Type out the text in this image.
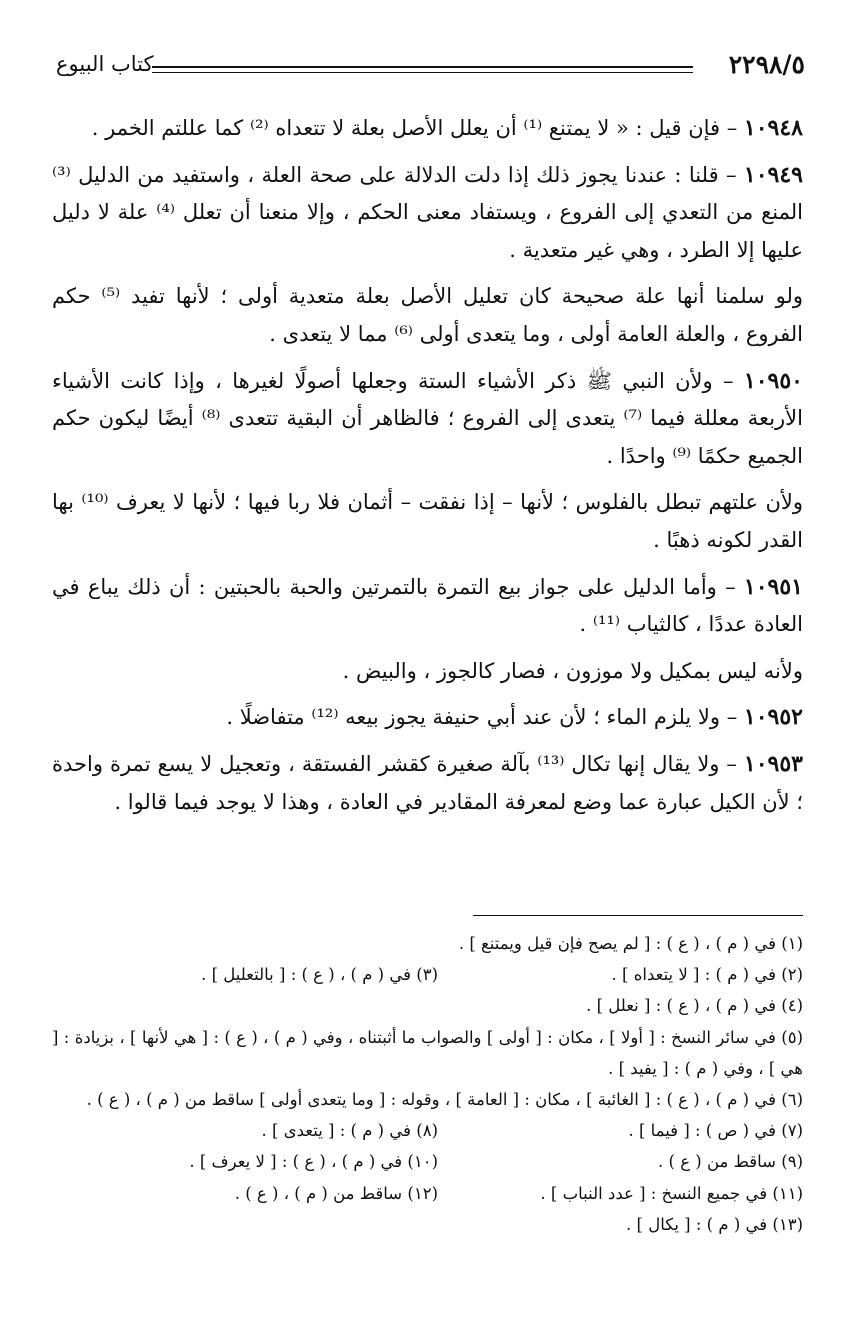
٢٢٩٨/٥
كتاب البيوع

١٠٩٤٨ – فإن قيل : « لا يمتنع ⁽¹⁾ أن يعلل الأصل بعلة لا تتعداه ⁽²⁾ كما عللتم الخمر .

١٠٩٤٩ – قلنا : عندنا يجوز ذلك إذا دلت الدلالة على صحة العلة ، واستفيد من الدليل ⁽³⁾ المنع من التعدي إلى الفروع ، ويستفاد معنى الحكم ، وإلا منعنا أن تعلل ⁽⁴⁾ علة لا دليل عليها إلا الطرد ، وهي غير متعدية .

ولو سلمنا أنها علة صحيحة كان تعليل الأصل بعلة متعدية أولى ؛ لأنها تفيد ⁽⁵⁾ حكم الفروع ، والعلة العامة أولى ، وما يتعدى أولى ⁽⁶⁾ مما لا يتعدى .

١٠٩٥٠ – ولأن النبي ﷺ ذكر الأشياء الستة وجعلها أصولًا لغيرها ، وإذا كانت الأشياء الأربعة معللة فيما ⁽⁷⁾ يتعدى إلى الفروع ؛ فالظاهر أن البقية تتعدى ⁽⁸⁾ أيضًا ليكون حكم الجميع حكمًا ⁽⁹⁾ واحدًا .

ولأن علتهم تبطل بالفلوس ؛ لأنها – إذا نفقت – أثمان فلا ربا فيها ؛ لأنها لا يعرف ⁽¹⁰⁾ بها القدر لكونه ذهبًا .

١٠٩٥١ – وأما الدليل على جواز بيع التمرة بالتمرتين والحبة بالحبتين : أن ذلك يباع في العادة عددًا ، كالثياب ⁽¹¹⁾ .

ولأنه ليس بمكيل ولا موزون ، فصار كالجوز ، والبيض .

١٠٩٥٢ – ولا يلزم الماء ؛ لأن عند أبي حنيفة يجوز بيعه ⁽¹²⁾ متفاضلًا .

١٠٩٥٣ – ولا يقال إنها تكال ⁽¹³⁾ بآلة صغيرة كقشر الفستقة ، وتعجيل لا يسع تمرة واحدة ؛ لأن الكيل عبارة عما وضع لمعرفة المقادير في العادة ، وهذا لا يوجد فيما قالوا .

(١) في ( م ) ، ( ع ) : [ لم يصح فإن قيل ويمتنع ] .
(٢) في ( م ) : [ لا يتعداه ] .
(٣) في ( م ) ، ( ع ) : [ بالتعليل ] .
(٤) في ( م ) ، ( ع ) : [ نعلل ] .
(٥) في سائر النسخ : [ أولا ] ، مكان : [ أولى ] والصواب ما أثبتناه ، وفي ( م ) ، ( ع ) : [ هي لأنها ] ، بزيادة : [ هي ] ، وفي ( م ) : [ يفيد ] .
(٦) في ( م ) ، ( ع ) : [ الغائبة ] ، مكان : [ العامة ] ، وقوله : [ وما يتعدى أولى ] ساقط من ( م ) ، ( ع ) .
(٧) في ( ص ) : [ فيما ] .
(٨) في ( م ) : [ يتعدى ] .
(٩) ساقط من ( ع ) .
(١٠) في ( م ) ، ( ع ) : [ لا يعرف ] .
(١١) في جميع النسخ : [ عدد النباب ] .
(١٢) ساقط من ( م ) ، ( ع ) .
(١٣) في ( م ) : [ يكال ] .
